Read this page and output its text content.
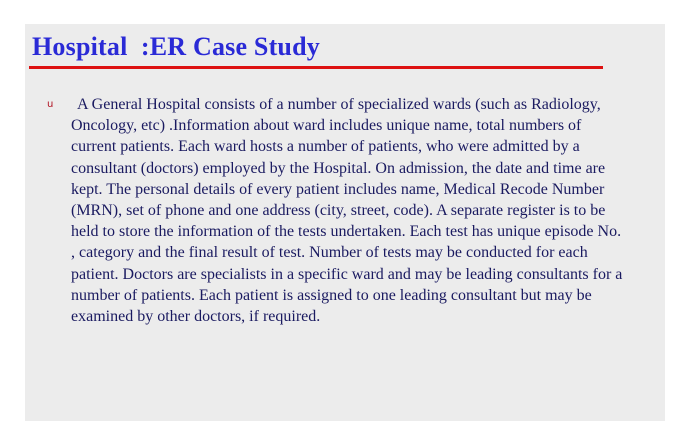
Hospital  :ER Case Study
u	A General Hospital consists of a number of specialized wards (such as Radiology, Oncology, etc) .Information about ward includes unique name, total numbers of current patients. Each ward hosts a number of patients, who were admitted by a consultant (doctors) employed by the Hospital. On admission, the date and time are kept. The personal details of every patient includes name, Medical Recode Number (MRN), set of phone and one address (city, street, code). A separate register is to be held to store the information of the tests undertaken. Each test has unique episode No. , category and the final result of test. Number of tests may be conducted for each patient. Doctors are specialists in a specific ward and may be leading consultants for a number of patients. Each patient is assigned to one leading consultant but may be examined by other doctors, if required.
